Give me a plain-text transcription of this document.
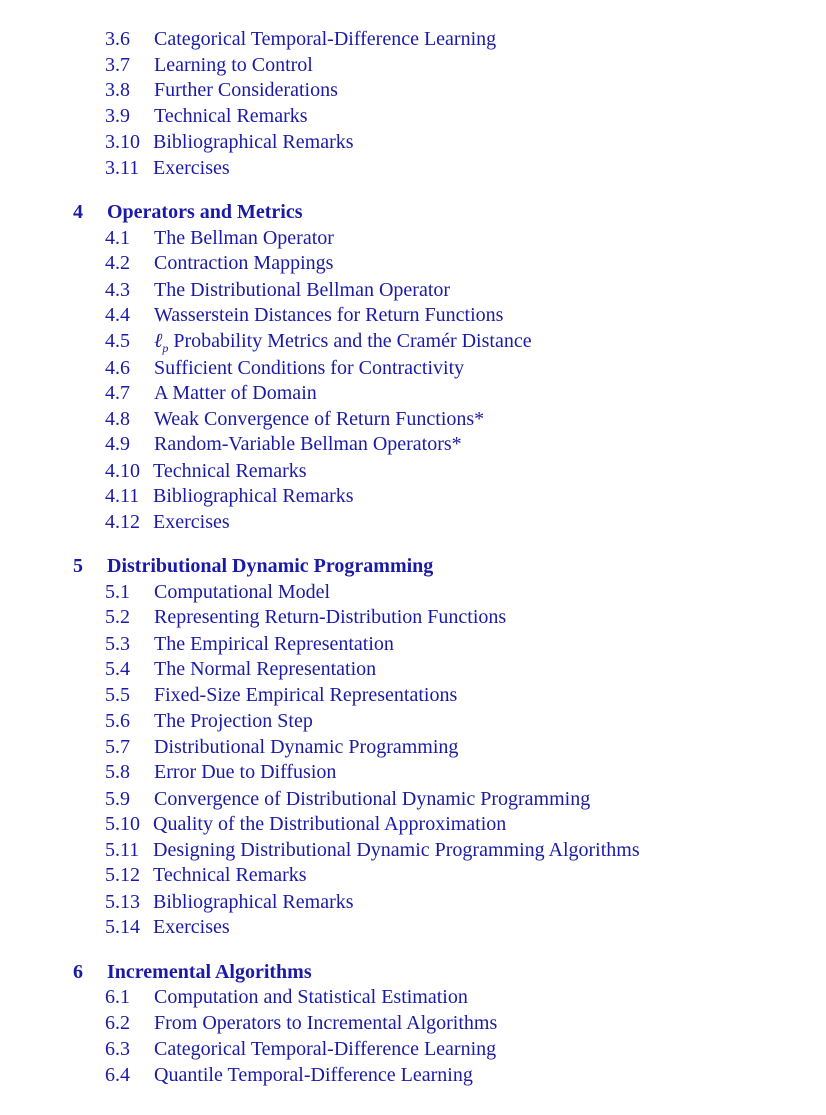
3.6 Categorical Temporal-Difference Learning
3.7 Learning to Control
3.8 Further Considerations
3.9 Technical Remarks
3.10 Bibliographical Remarks
3.11 Exercises
4 Operators and Metrics
4.1 The Bellman Operator
4.2 Contraction Mappings
4.3 The Distributional Bellman Operator
4.4 Wasserstein Distances for Return Functions
4.5 ℓ$_p$ Probability Metrics and the Cramér Distance
4.6 Sufficient Conditions for Contractivity
4.7 A Matter of Domain
4.8 Weak Convergence of Return Functions*
4.9 Random-Variable Bellman Operators*
4.10 Technical Remarks
4.11 Bibliographical Remarks
4.12 Exercises
5 Distributional Dynamic Programming
5.1 Computational Model
5.2 Representing Return-Distribution Functions
5.3 The Empirical Representation
5.4 The Normal Representation
5.5 Fixed-Size Empirical Representations
5.6 The Projection Step
5.7 Distributional Dynamic Programming
5.8 Error Due to Diffusion
5.9 Convergence of Distributional Dynamic Programming
5.10 Quality of the Distributional Approximation
5.11 Designing Distributional Dynamic Programming Algorithms
5.12 Technical Remarks
5.13 Bibliographical Remarks
5.14 Exercises
6 Incremental Algorithms
6.1 Computation and Statistical Estimation
6.2 From Operators to Incremental Algorithms
6.3 Categorical Temporal-Difference Learning
6.4 Quantile Temporal-Difference Learning
